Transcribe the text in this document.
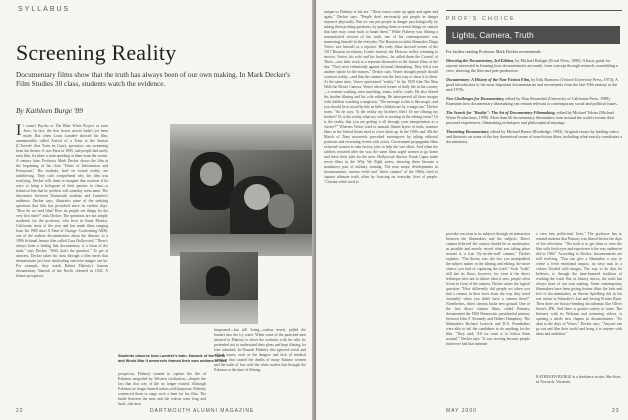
SYLLABUS
Screening Reality
Documentary films show that the truth has always been of our own making. In Mark Decker's Film Studies 30 class, students watch the evidence.
By Kathleen Burge '89
I t wasn't Psycho or The Blair Witch Project or even Jaws. In fact, the first horror movie hadn't yet been made. But when Louis Lumière showed his film, unmemorably called Arrival of a Train at the Station (L'Arrivée d'un Train en Gare), spectators ran screaming from the theater. It was Paris in 1895, and people had rarely seen film, let alone a train speeding at them from the screen. A century later, Professor Mark Decker shows the film at the beginning of his class "Films of Information and Persuasion." His students, bred on virtual reality, are unbelieving. They can't comprehend why the film was terrifying. Decker tells them to imagine that reaction if he were to bring a hologram of their parents to class—a technical feat that he predicts will someday seem tame. The disconnect between Dartmouth students and Lumière's audience, Decker says, illustrates some of the undying questions that film has provoked since its earliest days. "How do we read film? How do people see things for the very first time?" asks Decker. The questions are not simply academic for the professor, who lives in Santa Monica, California, most of the year and has made films ranging from his 1985 short A Time of Change: Confronting AIDS, one of the earliest documentaries about the disease, to a 1996 fictional feature film called Casa Hollywood. "There's always been a feeling that documentary is a form of the truth," says Decker. "Well, that's the question." To get at answers, Decker takes his class through a film series that demonstrates just how misleading onscreen images can be. For example, they watch Robert Flaherty's famous documentary Nanook of the North, released in 1922. A former prospector,
Students observe how Lumière's train, Nanook of the North and World War II newsreels framed their own notions of fact.
prospector, Flaherty wanted to capture the life of Eskimos unspoiled by Western civilization—despite the fact that that way of life no longer existed. Although Eskimos no longer hunted walrus with harpoons, Flaherty convinced them to stage such a hunt for his film. The battle between the men and the walrus went long and hard—the men
harpooned—but still living—walrus nearly pulled the hunters into the icy water. When some of the panicked men shouted to Flaherty to shoot the walruses with his rifle, he pretended not to understand their pleas and kept filming, he later admitted. In Nanook Flaherty also ignored social and ethical issues, such as the dangers and lack of medical attention that caused the deaths of many Eskimo women and the trade of furs with the white traders that brought the Eskimos at the time of filming.
22	DARTMOUTH ALUMNI MAGAZINE
PROF'S CHOICE
Lights, Camera, Truth
For further reading Professor Mark Decker recommends:
Directing the Documentary, 3rd Edition, by Michael Rabiger (Focal Press, 1998). A basic guide for anyone interested in learning how documentaries are made, from concept through research, assembling a crew, shooting the film and post-production.
Documentary: A History of the Non-Fiction Film, by Erik Barnouw (Oxford University Press, 1974). A good introduction to the most important documentaries and movements from the late-19th century to the mid-1970s.
New Challenges for Documentary, edited by Alan Rosenthal (University of California Press, 1988). Examines how documentary filmmaking can remain relevant to contemporary social and political issues.
The Search for "Reality": The Art of Documentary Filmmaking, edited by Michael Tobias (Michael Wiese Productions, 1998). More than 60 documentary filmmakers from around the world recount their personal experiences, filmmaking techniques and philosophical musings.
Theorizing Documentary, edited by Michael Renov (Routledge, 1993). Original essays by leading critics and theorists on some of the key theoretical issues of non-fiction films, including what exactly constitutes a documentary.
unique to Flaherty or his era. "These issues come up again and again and again," Decker says. "People don't necessarily put people in danger anymore physically. But we can put people in danger psychologically by asking them probing questions, by getting them to reveal things on camera that later may come back to haunt them." While Flaherty was filming a romanticized version of the truth, one of his contemporaries was immersing himself in the everyday. The Russian socialist filmmaker Dziga Vertov saw himself as a reporter. His early films showed scenes of the 1917 Russian revolution, Lenin's funeral, the Moscow trolley returning to service. Vertov, his wife and his brother—he called them the Council of Three—saw their work as a separate alternative to the feature films of the day. "They were vehemently against fictional filmmaking. They felt it was another opiate for the masses," Decker says. Vertov thought people should confront reality—and that the camera was the best way to show it to them. At the same time, Vertov questioned "reality." In his 1929 film The Man With the Movie Camera, Vertov showed scenes of daily life in his country—a woman washing, men marching, trains, traffic, roads. He also filmed his brother filming and his wife editing. He interspersed all these images with children watching a magician. "The message is this is like magic, and you should be as awed by this as little children are by a magician," Decker notes. "So he says, 'Is the reality my brother's film? Or me filming my brother? Or is the reality what my wife is creating in the editing room? Or is the reality that you are getting it all through your interpretation as a viewer?'" Whereas Vertov tried to unmask filmed layers of truth, wartime films in the United States tried to cover them up. In the 1930s and '40s the March of Time newsreels provoked moviegoers by taking editorial positions and recreating events with actors. Government propaganda films exhorted women to take factory jobs to help the war effort. And when the soldiers returned after the war, the same films urged women to go home and leave their jobs for the men. Hollywood director Frank Capra made seven films in the Why We Fight series, showing them because a mandatory part of military training. The near major developments in documentaries, cinema vérité and "direct cinema" of the 1960s, tried to capture ultimate truth, often by focusing on everyday lives of people. "Cinema vérité tried to
provoke reactions in its subjects through an interaction between the filmmakers and the subjects. Direct cinema believed the camera should be as unobtrusive as possible and merely record what was taking place around it, a true 'fly-on-the-wall' camera," Decker explains. "The theory was, the less you manipulated the subject matter in the filming and editing, the more chance you had of capturing the truth." Such "truth" still has its flaws, however, for even if the direct technique tries not to distort what it sees, people often frown in front of the camera. Decker raises the logical question: "How differently did people act when you had a camera in their faces from the way they acted 'normally' when you didn't have a camera there?" Nonetheless, direct cinema broke new ground. One of the first direct cinema films, called Primary, documented the 1960 Democratic presidential primary between John F. Kennedy and Hubert Humphrey. The filmmakers Richard Leacock and D.A. Pennebaker were able to tail the candidates to do anything for the film. "They said, 'All we want is to follow them around,'" Decker says. "It was riveting because people had never had that intimate
a view into politicians' lives." The professor has to remind students that Primary was filmed before the days of live television. "The trick is to get them to view the film with fresh eyes and experience it the way audiences did in 1960." According to Decker, documentaries are still evolving. "You can give a filmmaker a way to create a fresh emotional impact, no easy task in a culture flooded with images. The way to do that, he believes, is through the time-honored tradition of working the truth. But as history shows, the truth has always been of our own making. Some contemporary filmmakers have been giving feature films the look and feel of documentaries, as Steven Spielberg did in his war action in Schindler's List and Saving Private Ryan. Then there are history-bending docudramas like Oliver Stone's JFK. And there is greater variety to come. The Internet, with its Webcam and streaming videos, is opening a whole new chapter in documentaries. "It's akin to the days of Vertov," Decker says. "Anyone can go out and film their world and bring it to anyone with ideas and ambition."
KATHLEEN BURGE is a freelance writer. She lives in Norwich, Vermont.
MAY 2000	23
